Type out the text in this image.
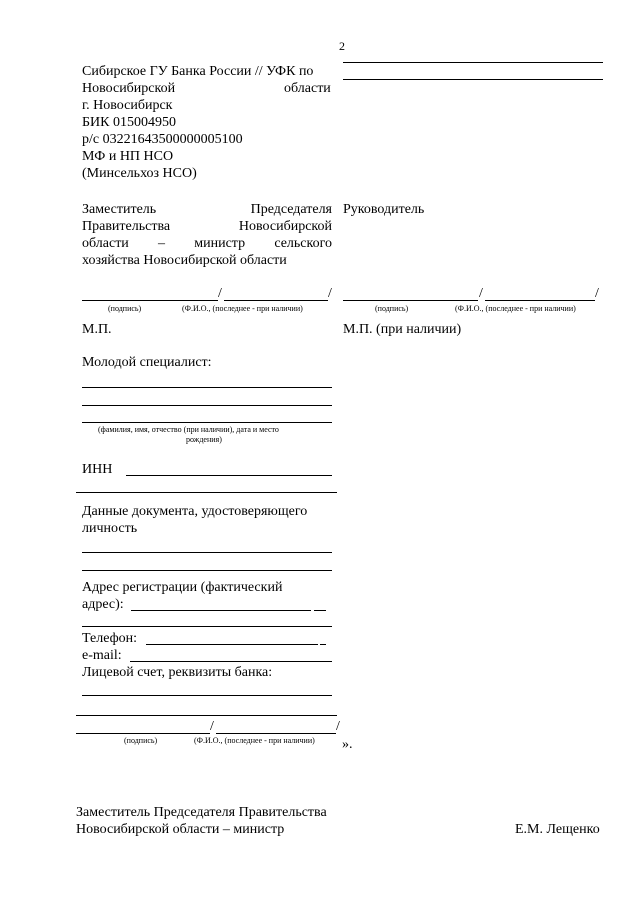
2
Сибирское ГУ Банка России // УФК по
Новосибирской	области
г. Новосибирск
БИК 015004950
р/с 03221643500000005100
МФ и НП НСО
(Минсельхоз НСО)
Заместитель Председателя
Правительства Новосибирской
области – министр сельского
хозяйства Новосибирской области
Руководитель
/	/
(подпись)	(Ф.И.О., (последнее - при наличии)
/	/
(подпись)	(Ф.И.О., (последнее - при наличии)
М.П.	М.П. (при наличии)
Молодой специалист:
(фамилия, имя, отчество (при наличии), дата и место
рождения)
ИНН
Данные документа, удостоверяющего
личность
Адрес регистрации (фактический
адрес):
Телефон:
e-mail:
Лицевой счет, реквизиты банка:
/	/
(подпись)	(Ф.И.О., (последнее - при наличии) ».
Заместитель Председателя Правительства
Новосибирской области – министр	Е.М. Лещенко
